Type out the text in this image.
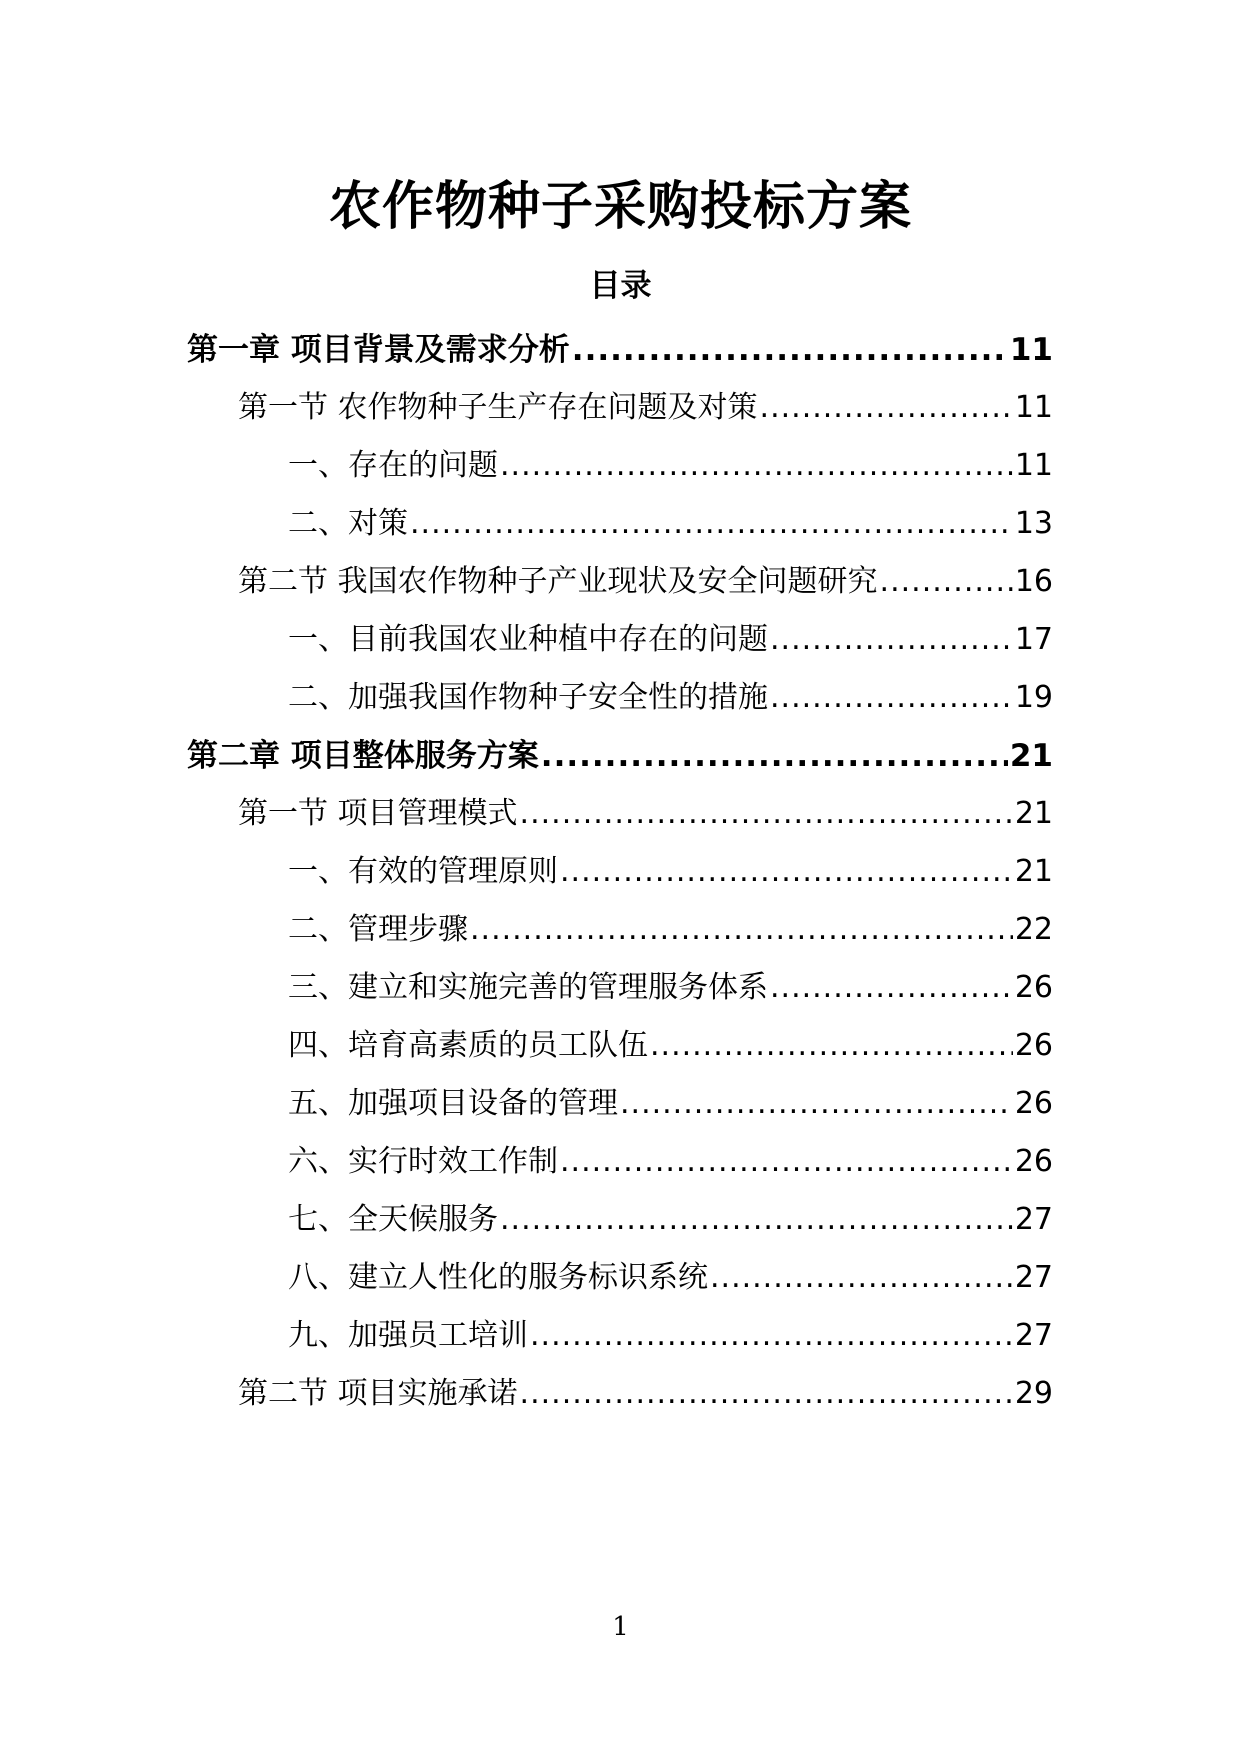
农作物种子采购投标方案
目录
第一章 项目背景及需求分析 .....	11
第一节 农作物种子生产存在问题及对策 .....	11
一、存在的问题 .....	11
二、对策 .....	13
第二节 我国农作物种子产业现状及安全问题研究 .....	16
一、目前我国农业种植中存在的问题 .....	17
二、加强我国作物种子安全性的措施 .....	19
第二章 项目整体服务方案 .....	21
第一节 项目管理模式 .....	21
一、有效的管理原则 .....	21
二、管理步骤 .....	22
三、建立和实施完善的管理服务体系 .....	26
四、培育高素质的员工队伍 .....	26
五、加强项目设备的管理 .....	26
六、实行时效工作制 .....	26
七、全天候服务 .....	27
八、建立人性化的服务标识系统 .....	27
九、加强员工培训 .....	27
第二节 项目实施承诺 .....	29
1
